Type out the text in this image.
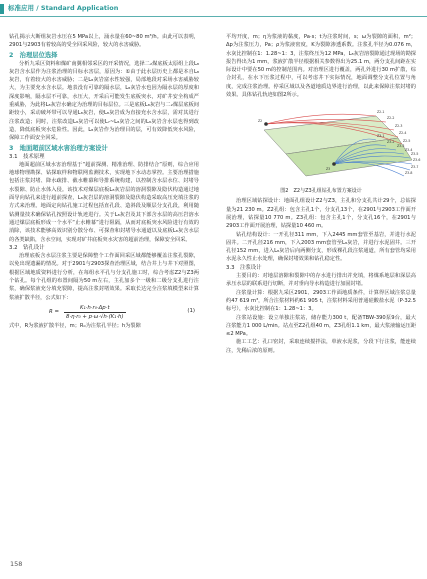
标准应用 / Standard Application

钻孔揭示大断组灰岩水压在5 MPa以上，涌水量在60~80 m³/h。由此可以表明，2901与2903有着较高的受全回采风险，较大的水害威胁。

2　治理层位选择

分析九采区资料和煤矿南翼相邻采区的开采情况，选择二₂煤底板太原组上段L₈灰岩含水层作为注浆治理的目标水害层，原因为：①由于此水层历史上都是本自L₈灰岩，有着较大的水害威胁；二是L₈灰岩富水性较强，局部地段对采场水害威胁较大，为主要充水含水层。地表没有可靠的隔水层，L₈灰岩水也因为隔水层的厚度和深度影响，隔水层不可靠，水压大，开采后可能发生底板突水，对矿井安全构成严重威胁，为此将L₈灰岩水确定为治理的目标层位。三是底板L₈灰岩与二₂煤层底板间距较小，采动破坏带可以导通L₈灰岩，使L₈灰岩成为直接充水含水层，需对其进行注浆改造；同时，注浆改造L₈灰岩可以使L₇~L₈灰岩之间的L₉灰岩含水层也得到改造，降低底板突水危险性。因此，L₈灰岩作为治理目的层，可有效降低突水风险，保障工作面安全回采。

3　地面超前区域水害治理方案设计
3.1　技术原理

地面超前区域水害治理基于“超前探测、精准治理、防排结合”原则，综合应用地球物理勘探、钻探取样和物联网监测技术，实现地下水动态掌控。主要治理措施包括注浆封堵、降水疏排、截水帷幕和导排系统构建，以控制含水层水位、封堵导水裂隙、防止水体入侵。该技术对煤层底板L₈灰岩层的溶洞裂隙及隐伏构造通过地面导向钻孔来进行超前探查，L₈灰岩层的溶洞裂隙及隐伏构造采取高压充填注浆的方式来治理。地面定向钻孔施工过程包括直孔段、造斜段及顺层分支孔段，利用随钻测量技术确保钻孔按照设计轨迹进行。关于L₈灰岩及其下部含水层的高压岩溶水通过煤层底板形成一个水平“止水帷幕”进行阻隔，从而对底板突水风险进行有效的消除，该技术能够高效识别分散分布、可探查和封堵导水通道以及底板L₈灰含水层的各类缺陷，含水空间，实现对矿井底板突水灾害的超前治理，保障安全回采。

3.2　钻孔设计

治理底板含水层注浆主要是保障整个工作面回采区域都能够覆盖注浆孔裂隙，以免出现遗漏的情况。对于2901与2903探查治理区域，结合井上与井下对照图，根据区域地质资料进行分析，在每组水平孔与分支孔施工时，综合考虑Z2与Z3两个钻孔。每个孔组的布置间隔为50 m左右，主孔加多个一级和二级分支孔进行注浆，确保浆液充分填充裂隙，提高注浆封堵效果。采取长达完全注浆填模型来计算浆液扩散半径，公式如下：

$R = \frac{\text{K₁·h·r₀·Δp·t}}{\text{8·η·r₀ + p·ω·√h·(K₁·h)}}$	(1)

式中，R为浆液扩散半径，m；R₀为注浆孔半径；h为裂隙

平均开度，m；η为浆液的黏度，Pa·s；t为注浆时间，s；ω为裂隙的面积，m²；Δp为注浆压力，Pa；ρ为浆液密度，K为裂隙渗透系数。注浆孔半径为0.076 m，水灰比控制在1：1.28~1：3，注浆终压为12 MPa，L₈灰岩溶裂隙通过现场的勘探报告得出为1 mm，浆液扩散半径根据相关参数得出为25.1 m，两分支孔间距在实际设计中要在50 m的控制范围内。对治理区进行覆盖，两孔外进行30 m扩散，综合封孔，在水下压浆过程中，可以考虑井下实际情况，地面调整分支孔位置与角度，完成注浆治理。停采区域以及各道地质边界进行治理，以此来保障注浆封堵的效果。具体钻孔轨迹如图2所示。

Z2-1
Z2-2
Z2-3
Z2-4
Z2-5
Z2
Z3
Z3-1
Z3-2
Z3-3
Z3-4
Z3-5
Z3-6
Z3-7
Z3-8
图2　Z2与Z3孔组钻孔布置方案设计

治理区域钻探设计：地面孔组设计Z2与Z3，主孔和分支孔共计29个，总钻探量为21 230 m。Z2孔组：包含主孔1个，分支孔13个，在2901与2903工作面开展治理，钻探量10 770 m。Z3孔组：包含主孔1个，分支孔16个，在2901与2903工作面开展治理，钻探量10 460 m。

钻孔结构设计：一开孔径311 mm，下入2445 mm套管至基岩，并进行水泥固井。二开孔径216 mm，下入2003 mm套管至L₈灰岩，并进行水泥固井。三开孔径152 mm，进入L₈灰岩后向两侧分支，形成裸孔段注浆通道，所有套管均采用水泥永久性止水处理，确保封堵效果和钻孔稳定性。

3.3　注浆设计

主要目的：对地层溶隙和裂隙中的存水进行排出并充填，将煤系地层和深层高承压水层的联系进行切断，并对垂向导水构造进行加固封堵。

注浆量计算：根据九采区2901、2903工作面地质条件，计算得区域注浆总量约47 619 m³，所合注浆材料约61 905 t，注浆材料采用普通硅酸盐水泥（P·32.5标号），水灰比控制在1：1.28~1：3。

注浆站设施：设立单独注浆站，储存能力300 t，配备TBW-390泵9台，最大注浆能力1 000 L/min。站点至Z2孔组40 m，Z3孔组1.1 km，最大浆液输运压距≤2 MPa。

施工工艺：孔口密封，采取连续搅拌法，单液水泥浆，分段下行注浆，能连续注，先稀后浓的原则。

158
